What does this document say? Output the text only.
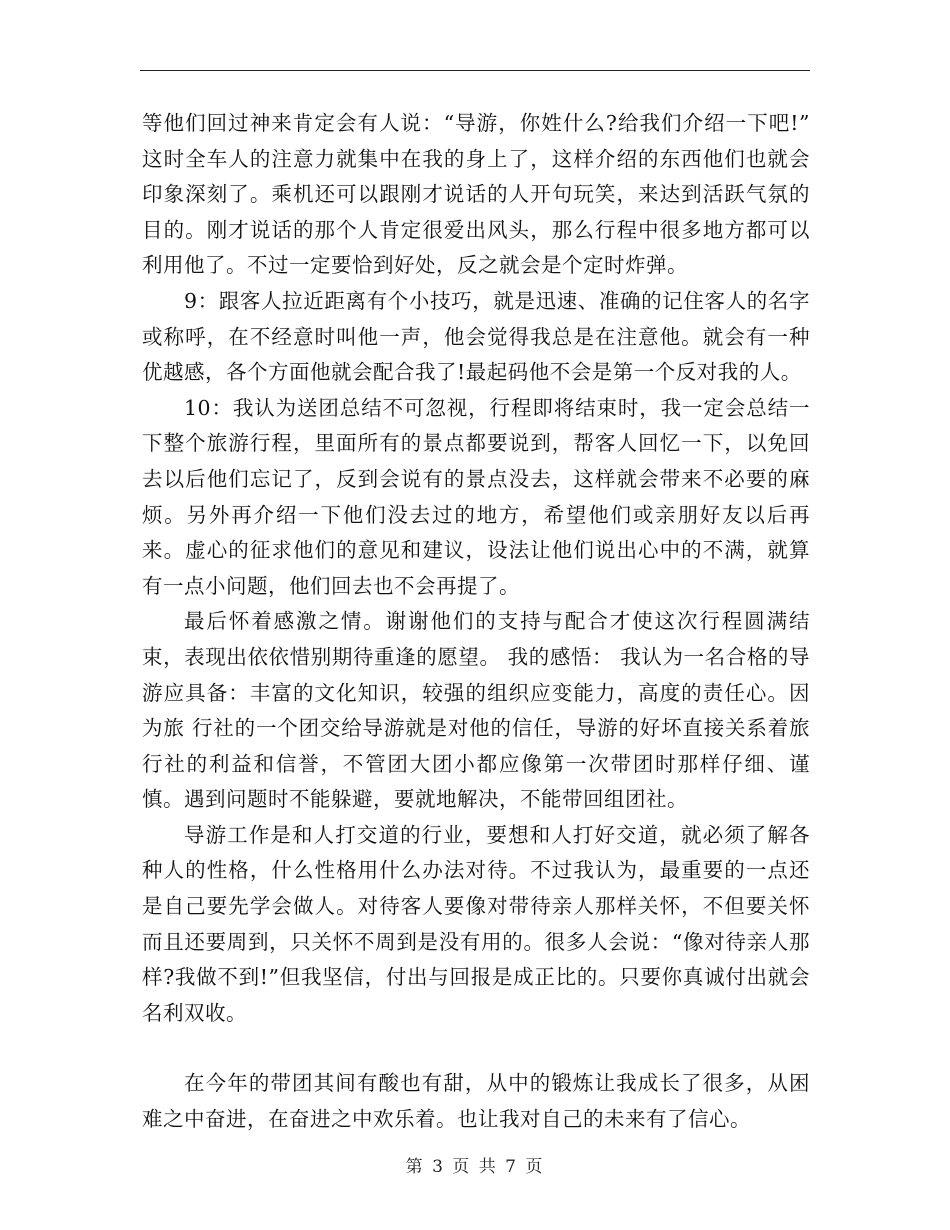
等他们回过神来肯定会有人说：“导游，你姓什么?给我们介绍一下吧!” 这时全车人的注意力就集中在我的身上了，这样介绍的东西他们也就会印象深刻了。乘机还可以跟刚才说话的人开句玩笑，来达到活跃气氛的目的。刚才说话的那个人肯定很爱出风头，那么行程中很多地方都可以利用他了。不过一定要恰到好处，反之就会是个定时炸弹。

9：跟客人拉近距离有个小技巧，就是迅速、准确的记住客人的名字或称呼，在不经意时叫他一声，他会觉得我总是在注意他。就会有一种优越感，各个方面他就会配合我了!最起码他不会是第一个反对我的人。

10：我认为送团总结不可忽视，行程即将结束时，我一定会总结一下整个旅游行程，里面所有的景点都要说到，帮客人回忆一下，以免回去以后他们忘记了，反到会说有的景点没去，这样就会带来不必要的麻烦。另外再介绍一下他们没去过的地方，希望他们或亲朋好友以后再来。虚心的征求他们的意见和建议，设法让他们说出心中的不满，就算有一点小问题，他们回去也不会再提了。

最后怀着感激之情。谢谢他们的支持与配合才使这次行程圆满结束，表现出依依惜别期待重逢的愿望。 我的感悟： 我认为一名合格的导游应具备：丰富的文化知识，较强的组织应变能力，高度的责任心。因为旅 行社的一个团交给导游就是对他的信任，导游的好坏直接关系着旅行社的利益和信誉，不管团大团小都应像第一次带团时那样仔细、谨慎。遇到问题时不能躲避，要就地解决，不能带回组团社。

导游工作是和人打交道的行业，要想和人打好交道，就必须了解各种人的性格，什么性格用什么办法对待。不过我认为，最重要的一点还是自己要先学会做人。对待客人要像对带待亲人那样关怀，不但要关怀而且还要周到，只关怀不周到是没有用的。很多人会说：“像对待亲人那样?我做不到!”但我坚信，付出与回报是成正比的。只要你真诚付出就会名利双收。

在今年的带团其间有酸也有甜，从中的锻炼让我成长了很多，从困难之中奋进，在奋进之中欢乐着。也让我对自己的未来有了信心。

第 3 页 共 7 页
